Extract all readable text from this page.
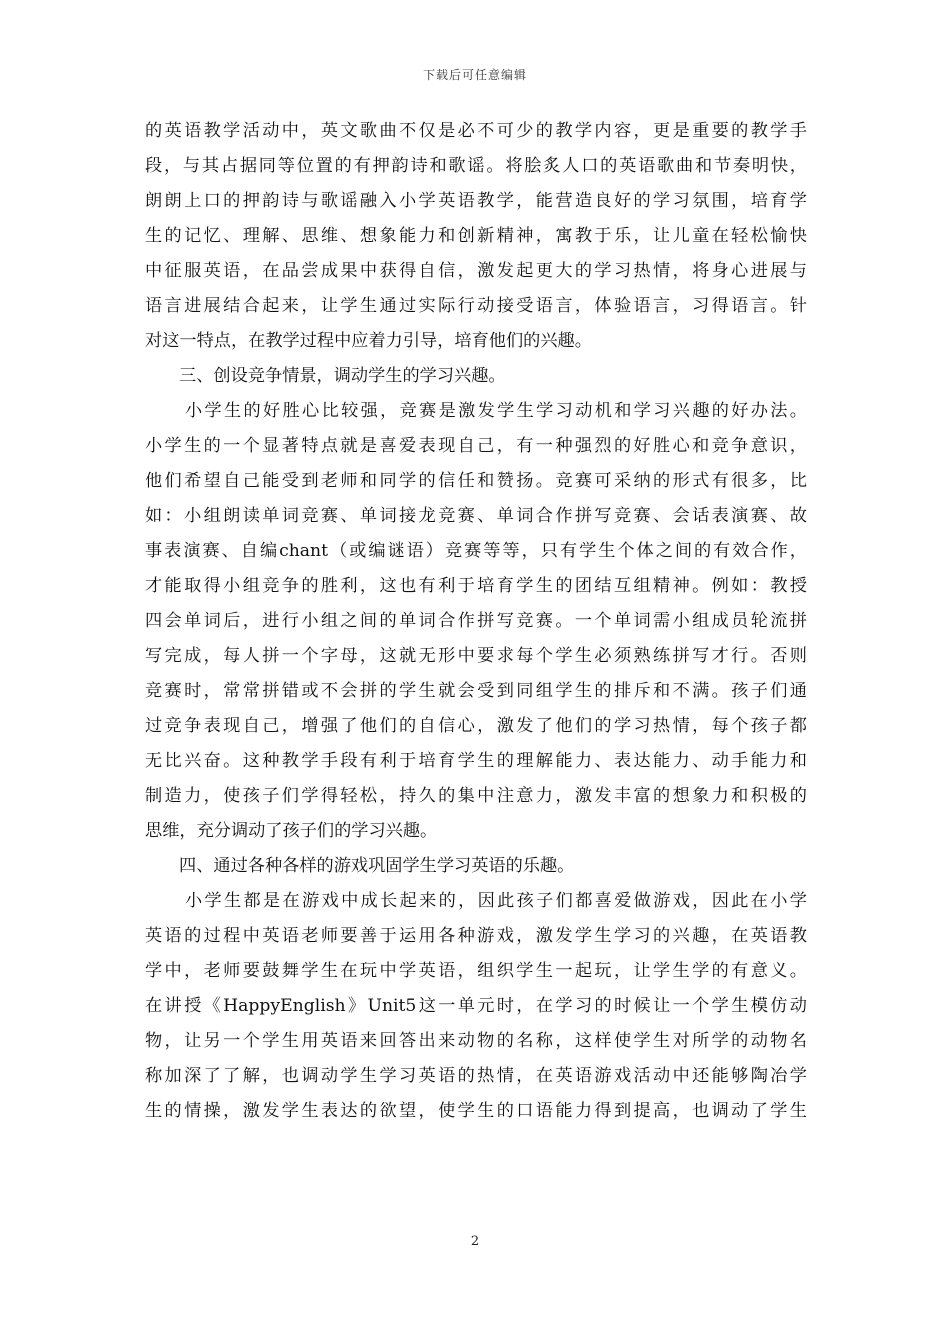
下载后可任意编辑
的英语教学活动中，英文歌曲不仅是必不可少的教学内容，更是重要的教学手
段，与其占据同等位置的有押韵诗和歌谣。将脍炙人口的英语歌曲和节奏明快，
朗朗上口的押韵诗与歌谣融入小学英语教学，能营造良好的学习氛围，培育学
生的记忆、理解、思维、想象能力和创新精神，寓教于乐，让儿童在轻松愉快
中征服英语，在品尝成果中获得自信，激发起更大的学习热情，将身心进展与
语言进展结合起来，让学生通过实际行动接受语言，体验语言，习得语言。针
对这一特点，在教学过程中应着力引导，培育他们的兴趣。
三、创设竞争情景，调动学生的学习兴趣。
小学生的好胜心比较强，竞赛是激发学生学习动机和学习兴趣的好办法。
小学生的一个显著特点就是喜爱表现自己，有一种强烈的好胜心和竞争意识，
他们希望自己能受到老师和同学的信任和赞扬。竞赛可采纳的形式有很多，比
如：小组朗读单词竞赛、单词接龙竞赛、单词合作拼写竞赛、会话表演赛、故
事表演赛、自编chant（或编谜语）竞赛等等，只有学生个体之间的有效合作，
才能取得小组竞争的胜利，这也有利于培育学生的团结互组精神。例如：教授
四会单词后，进行小组之间的单词合作拼写竞赛。一个单词需小组成员轮流拼
写完成，每人拼一个字母，这就无形中要求每个学生必须熟练拼写才行。否则
竞赛时，常常拼错或不会拼的学生就会受到同组学生的排斥和不满。孩子们通
过竞争表现自己，增强了他们的自信心，激发了他们的学习热情，每个孩子都
无比兴奋。这种教学手段有利于培育学生的理解能力、表达能力、动手能力和
制造力，使孩子们学得轻松，持久的集中注意力，激发丰富的想象力和积极的
思维，充分调动了孩子们的学习兴趣。
四、通过各种各样的游戏巩固学生学习英语的乐趣。
小学生都是在游戏中成长起来的，因此孩子们都喜爱做游戏，因此在小学
英语的过程中英语老师要善于运用各种游戏，激发学生学习的兴趣，在英语教
学中，老师要鼓舞学生在玩中学英语，组织学生一起玩，让学生学的有意义。
在讲授《HappyEnglish》Unit5这一单元时，在学习的时候让一个学生模仿动
物，让另一个学生用英语来回答出来动物的名称，这样使学生对所学的动物名
称加深了了解，也调动学生学习英语的热情，在英语游戏活动中还能够陶冶学
生的情操，激发学生表达的欲望，使学生的口语能力得到提高，也调动了学生
2
